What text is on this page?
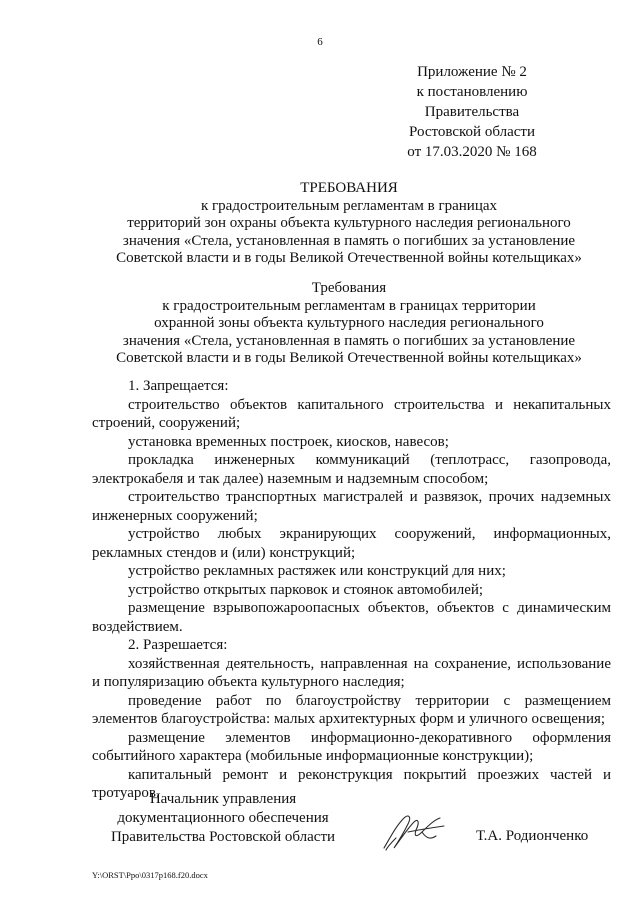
6
Приложение № 2
к постановлению
Правительства
Ростовской области
от 17.03.2020 № 168
ТРЕБОВАНИЯ
к градостроительным регламентам в границах
территорий зон охраны объекта культурного наследия регионального
значения «Стела, установленная в память о погибших за установление
Советской власти и в годы Великой Отечественной войны котельщиках»
Требования
к градостроительным регламентам в границах территории
охранной зоны объекта культурного наследия регионального
значения «Стела, установленная в память о погибших за установление
Советской власти и в годы Великой Отечественной войны котельщиках»
1. Запрещается:
строительство объектов капитального строительства и некапитальных строений, сооружений;
установка временных построек, киосков, навесов;
прокладка инженерных коммуникаций (теплотрасс, газопровода, электрокабеля и так далее) наземным и надземным способом;
строительство транспортных магистралей и развязок, прочих надземных инженерных сооружений;
устройство любых экранирующих сооружений, информационных, рекламных стендов и (или) конструкций;
устройство рекламных растяжек или конструкций для них;
устройство открытых парковок и стоянок автомобилей;
размещение взрывопожароопасных объектов, объектов с динамическим воздействием.
2. Разрешается:
хозяйственная деятельность, направленная на сохранение, использование и популяризацию объекта культурного наследия;
проведение работ по благоустройству территории с размещением элементов благоустройства: малых архитектурных форм и уличного освещения;
размещение элементов информационно-декоративного оформления событийного характера (мобильные информационные конструкции);
капитальный ремонт и реконструкция покрытий проезжих частей и тротуаров.
Начальник управления
документационного обеспечения
Правительства Ростовской области	Т.А. Родионченко
Y:\ORST\Ppo\0317p168.f20.docx
